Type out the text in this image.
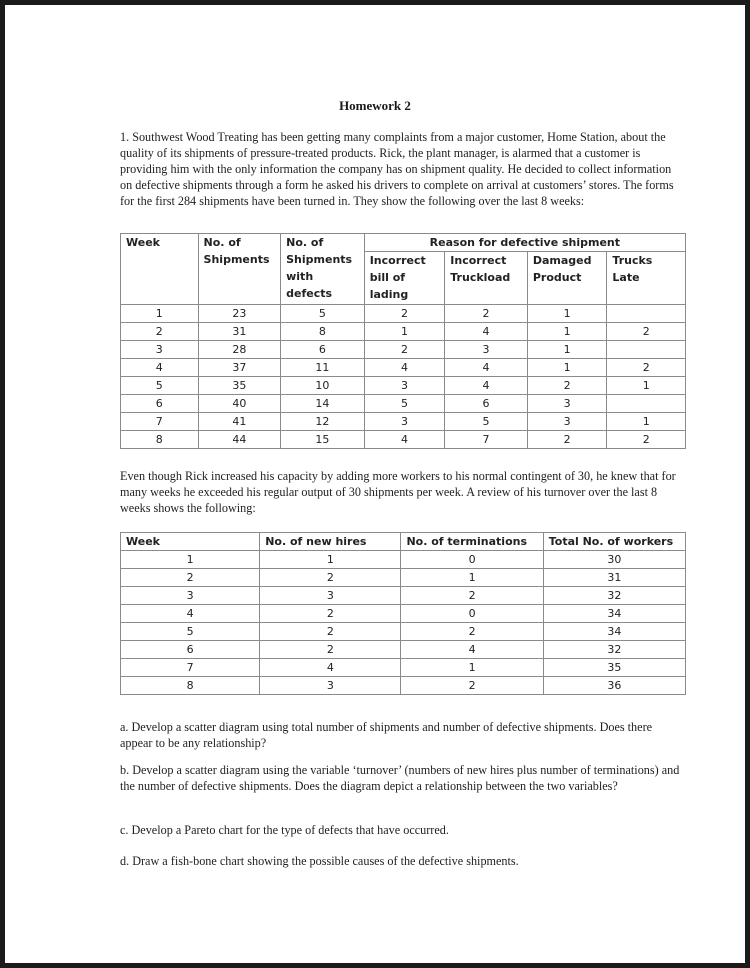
Homework 2
1. Southwest Wood Treating has been getting many complaints from a major customer, Home Station, about the quality of its shipments of pressure-treated products. Rick, the plant manager, is alarmed that a customer is providing him with the only information the company has on shipment quality. He decided to collect information on defective shipments through a form he asked his drivers to complete on arrival at customers’ stores. The forms for the first 284 shipments have been turned in. They show the following over the last 8 weeks:
Week	No. of Shipments	No. of Shipments with defects	Reason for defective shipment			
			Incorrect bill of lading	Incorrect Truckload	Damaged Product	Trucks Late
1	23	5	2	2	1	
2	31	8	1	4	1	2
3	28	6	2	3	1	
4	37	11	4	4	1	2
5	35	10	3	4	2	1
6	40	14	5	6	3	
7	41	12	3	5	3	1
8	44	15	4	7	2	2
Even though Rick increased his capacity by adding more workers to his normal contingent of 30, he knew that for many weeks he exceeded his regular output of 30 shipments per week. A review of his turnover over the last 8 weeks shows the following:
Week	No. of new hires	No. of terminations	Total No. of workers
1	1	0	30
2	2	1	31
3	3	2	32
4	2	0	34
5	2	2	34
6	2	4	32
7	4	1	35
8	3	2	36
a. Develop a scatter diagram using total number of shipments and number of defective shipments. Does there appear to be any relationship?
b. Develop a scatter diagram using the variable ‘turnover’ (numbers of new hires plus number of terminations) and the number of defective shipments. Does the diagram depict a relationship between the two variables?
c. Develop a Pareto chart for the type of defects that have occurred.
d. Draw a fish-bone chart showing the possible causes of the defective shipments.
